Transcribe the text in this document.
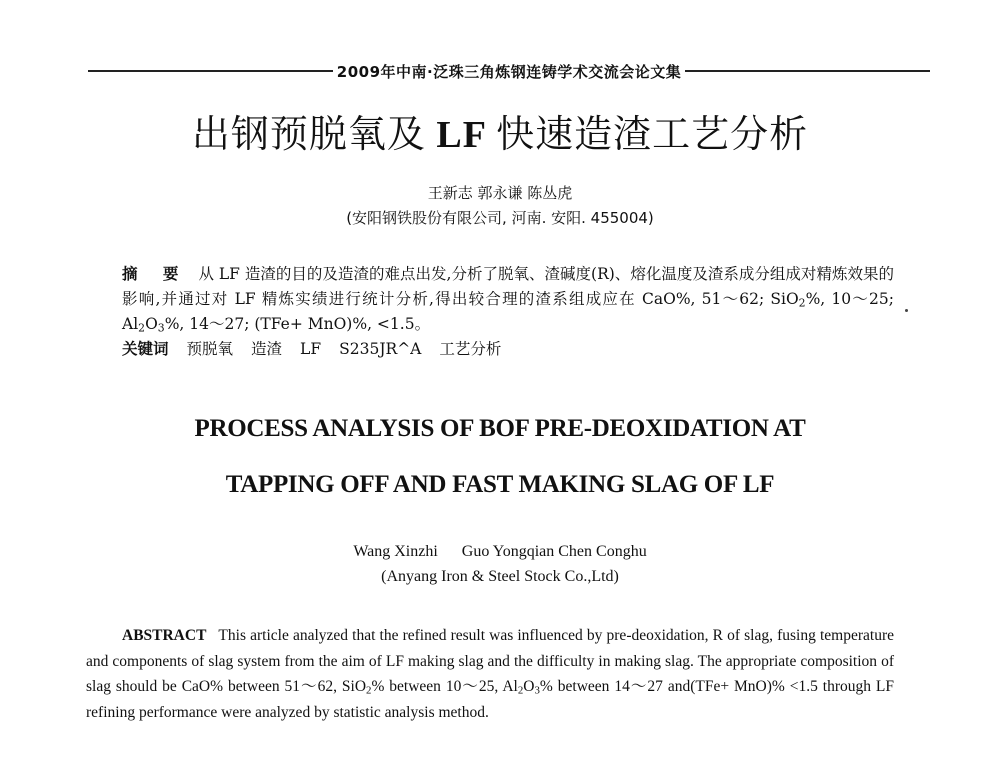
2009年中南·泛珠三角炼钢连铸学术交流会论文集
出钢预脱氧及 LF 快速造渣工艺分析
王新志 郭永谦 陈丛虎
(安阳钢铁股份有限公司, 河南. 安阳. 455004)

摘 要 从 LF 造渣的目的及造渣的难点出发,分析了脱氧、渣碱度(R)、熔化温度及渣系成分组成对精炼效果的影响,并通过对 LF 精炼实绩进行统计分析,得出较合理的渣系组成应在 CaO%, 51～62; SiO$_2$%, 10～25; $Al_2O_3\%$, 14～27; (TFe+ MnO)%, <1.5。

关键词 预脱氧 造渣 LF S235JR^A 工艺分析

PROCESS ANALYSIS OF BOF PRE-DEOXIDATION AT
TAPPING OFF AND FAST MAKING SLAG OF LF
Wang Xinzhi Guo Yongqian Chen Conghu
(Anyang Iron & Steel Stock Co.,Ltd)
ABSTRACT This article analyzed that the refined result was influenced by pre-deoxidation, R of slag, fusing temperature and components of slag system from the aim of LF making slag and the difficulty in making slag. The appropriate composition of slag should be CaO% between 51～62, SiO$_2$% between 10～25, $Al_2O_3\%$ between 14～27 and(TFe+ MnO)% <1.5 through LF refining performance were analyzed by statistic analysis method.
